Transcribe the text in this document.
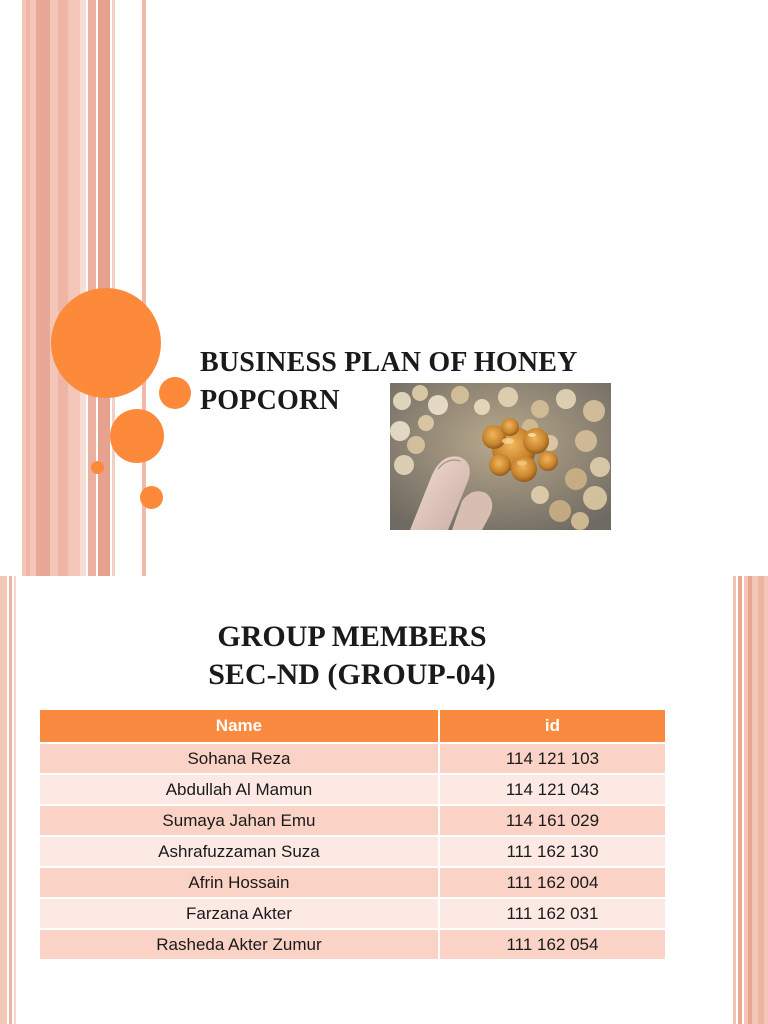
BUSINESS PLAN OF HONEY
POPCORN
GROUP MEMBERS
SEC-ND (GROUP-04)
Name	id
Sohana Reza	114 121 103
Abdullah Al Mamun	114 121 043
Sumaya Jahan Emu	114 161 029
Ashrafuzzaman Suza	111 162 130
Afrin Hossain	111 162 004
Farzana Akter	111 162 031
Rasheda Akter Zumur	111 162 054
